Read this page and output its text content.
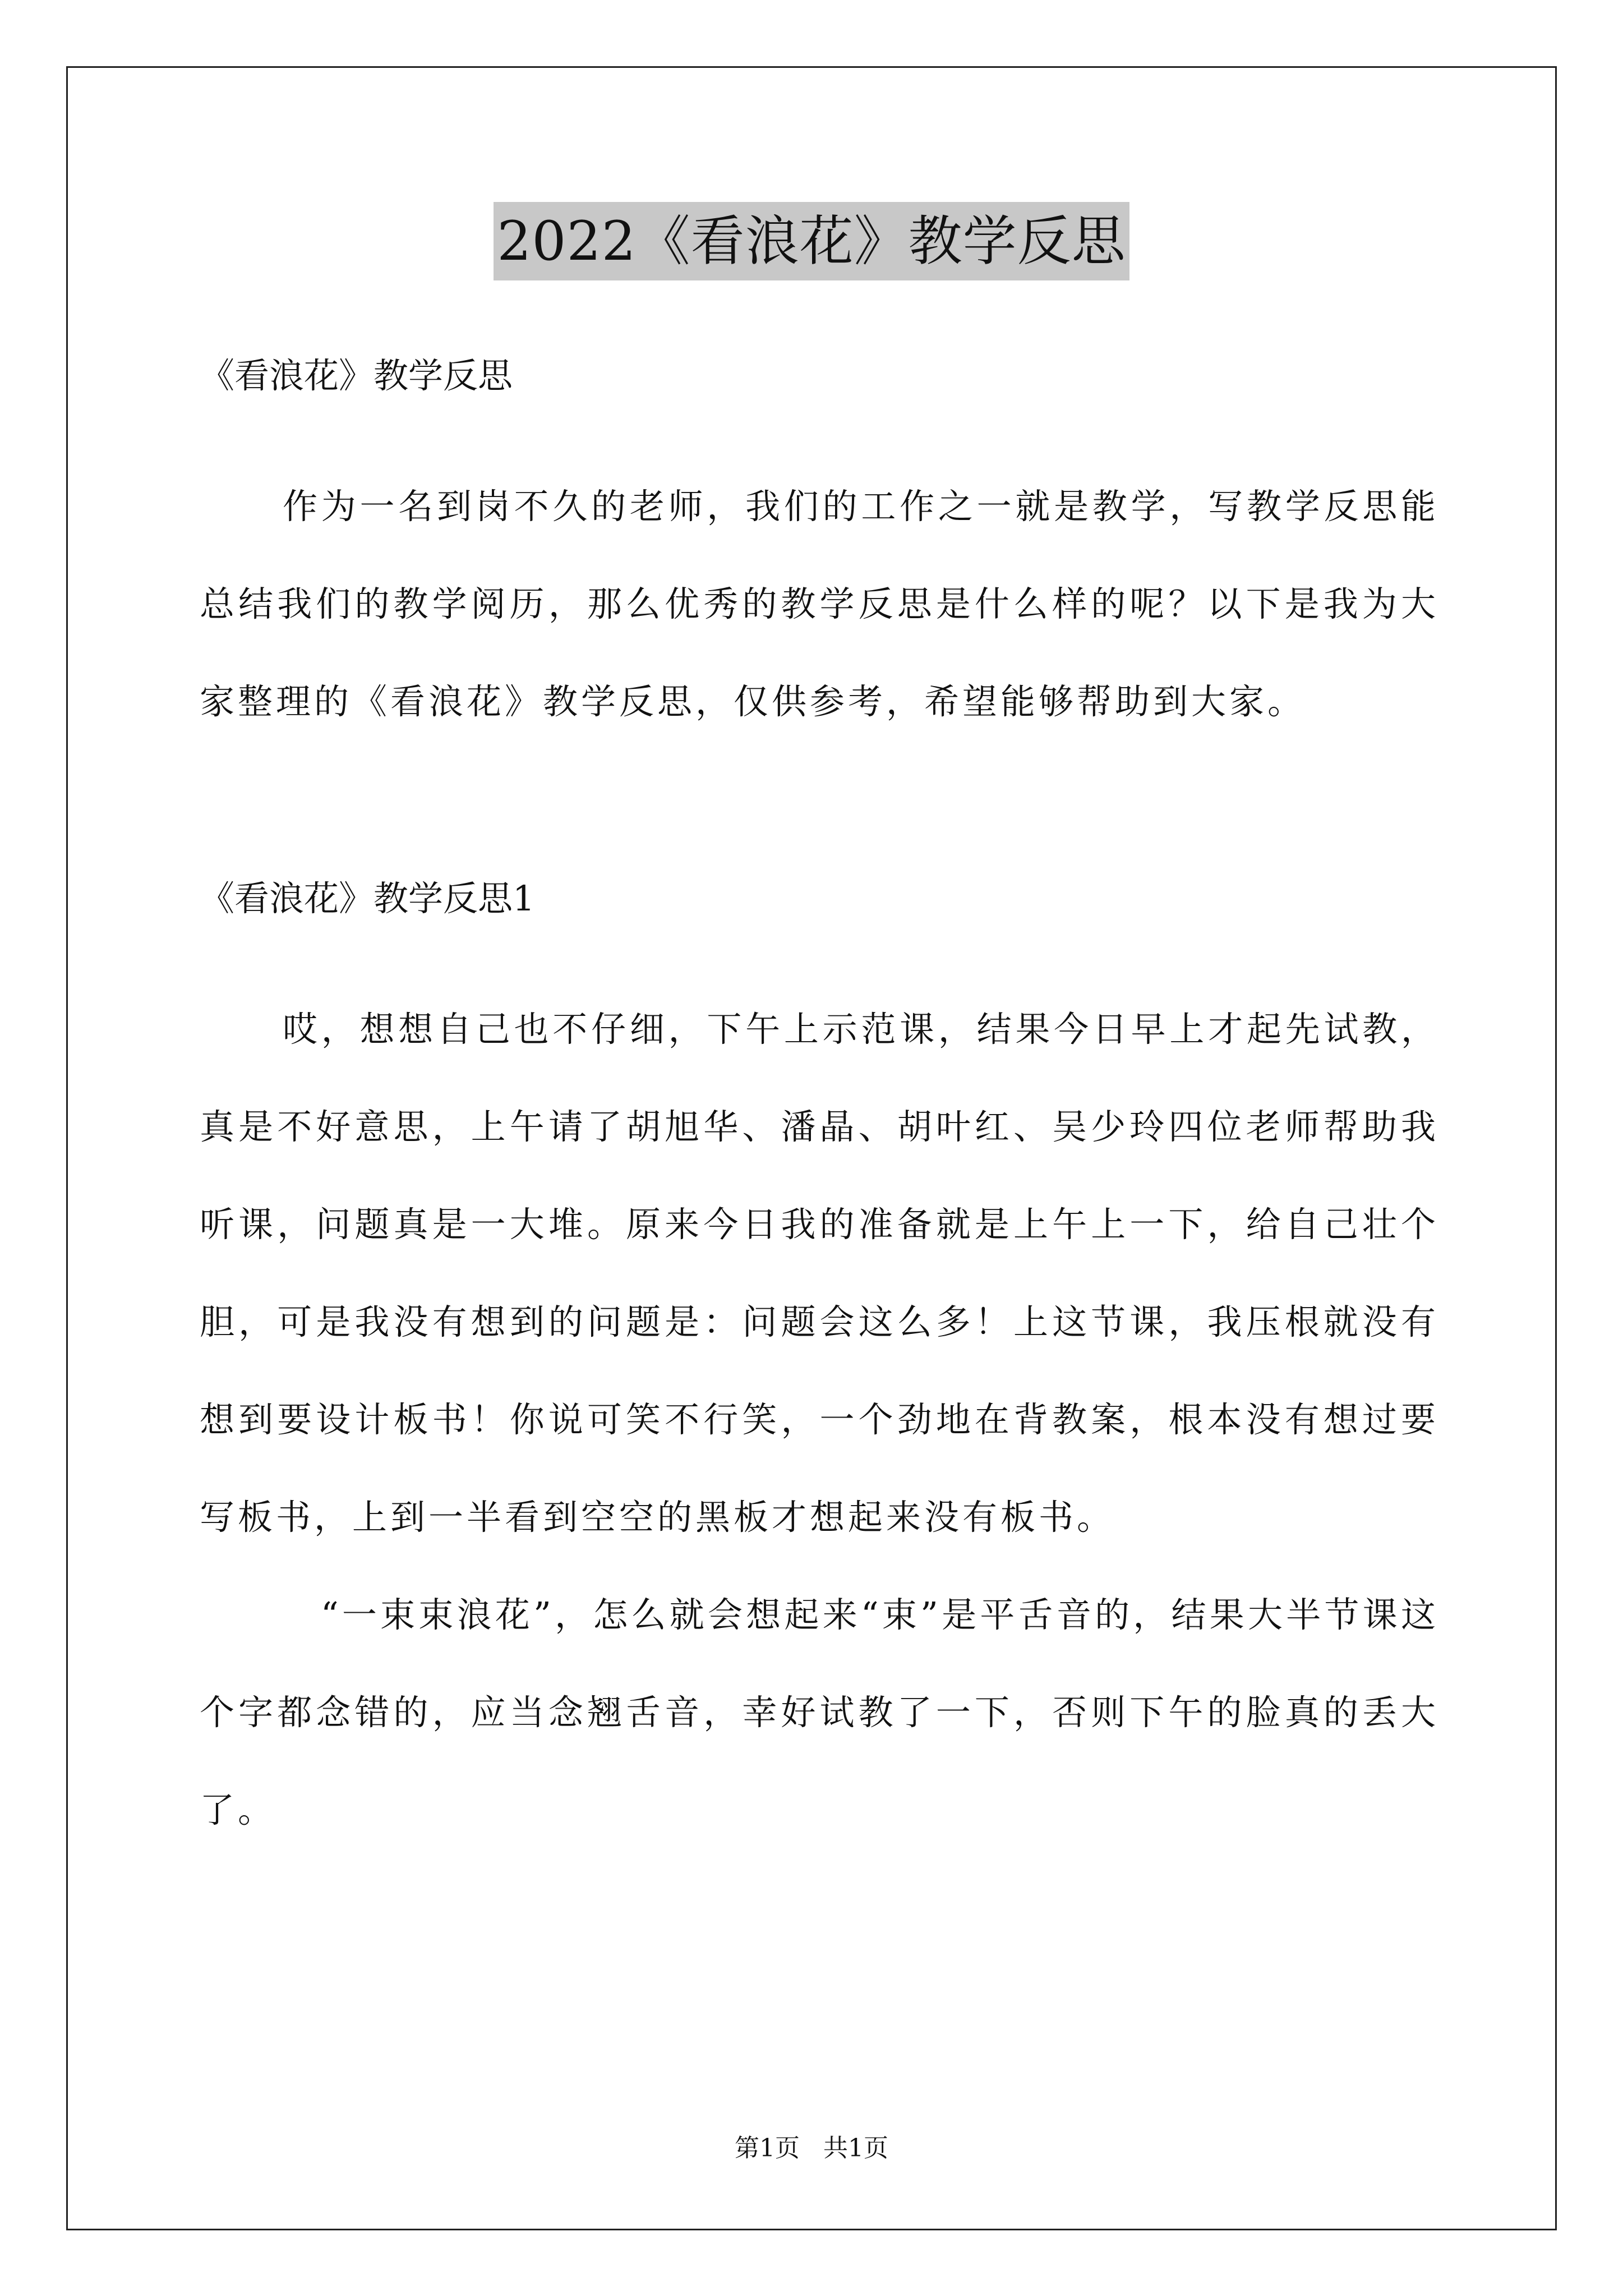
2022《看浪花》教学反思

《看浪花》教学反思

作为一名到岗不久的老师，我们的工作之一就是教学，写教学反思能总结我们的教学阅历，那么优秀的教学反思是什么样的呢？以下是我为大家整理的《看浪花》教学反思，仅供参考，希望能够帮助到大家。

《看浪花》教学反思1

哎，想想自己也不仔细，下午上示范课，结果今日早上才起先试教，真是不好意思，上午请了胡旭华、潘晶、胡叶红、吴少玲四位老师帮助我听课，问题真是一大堆。原来今日我的准备就是上午上一下，给自己壮个胆，可是我没有想到的问题是：问题会这么多！上这节课，我压根就没有想到要设计板书！你说可笑不行笑，一个劲地在背教案，根本没有想过要写板书，上到一半看到空空的黑板才想起来没有板书。

“一束束浪花”，怎么就会想起来“束”是平舌音的，结果大半节课这个字都念错的，应当念翘舌音，幸好试教了一下，否则下午的脸真的丢大了。

第1页   共1页
